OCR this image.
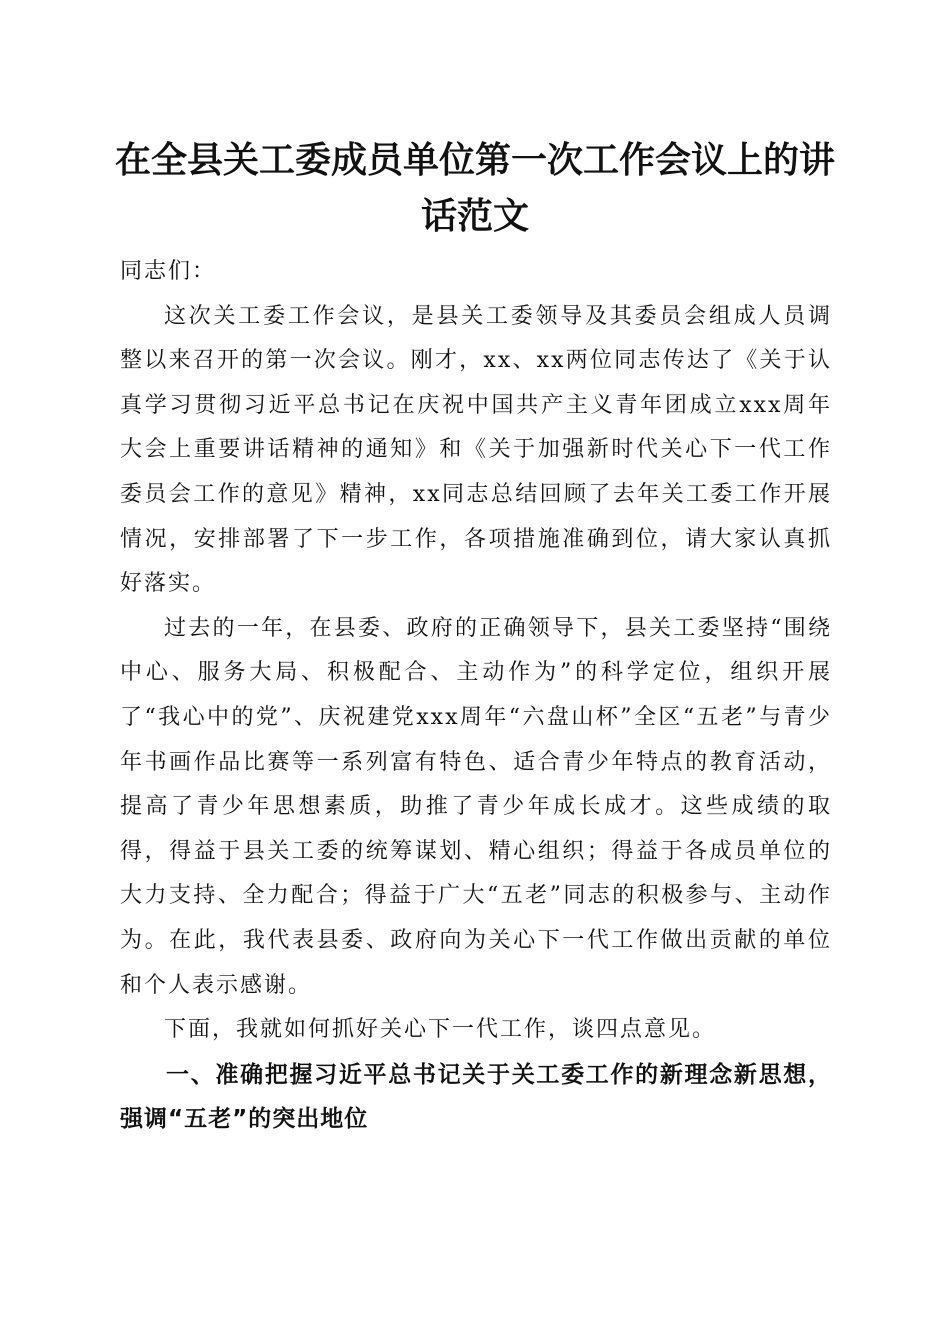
在全县关工委成员单位第一次工作会议上的讲话范文

同志们：

这次关工委工作会议，是县关工委领导及其委员会组成人员调整以来召开的第一次会议。刚才，xx、xx两位同志传达了《关于认真学习贯彻习近平总书记在庆祝中国共产主义青年团成立xxx周年大会上重要讲话精神的通知》和《关于加强新时代关心下一代工作委员会工作的意见》精神，xx同志总结回顾了去年关工委工作开展情况，安排部署了下一步工作，各项措施准确到位，请大家认真抓好落实。

过去的一年，在县委、政府的正确领导下，县关工委坚持“围绕中心、服务大局、积极配合、主动作为”的科学定位，组织开展了“我心中的党”、庆祝建党xxx周年“六盘山杯”全区“五老”与青少年书画作品比赛等一系列富有特色、适合青少年特点的教育活动，提高了青少年思想素质，助推了青少年成长成才。这些成绩的取得，得益于县关工委的统筹谋划、精心组织；得益于各成员单位的大力支持、全力配合；得益于广大“五老”同志的积极参与、主动作为。在此，我代表县委、政府向为关心下一代工作做出贡献的单位和个人表示感谢。

下面，我就如何抓好关心下一代工作，谈四点意见。

一、准确把握习近平总书记关于关工委工作的新理念新思想，强调“五老”的突出地位
